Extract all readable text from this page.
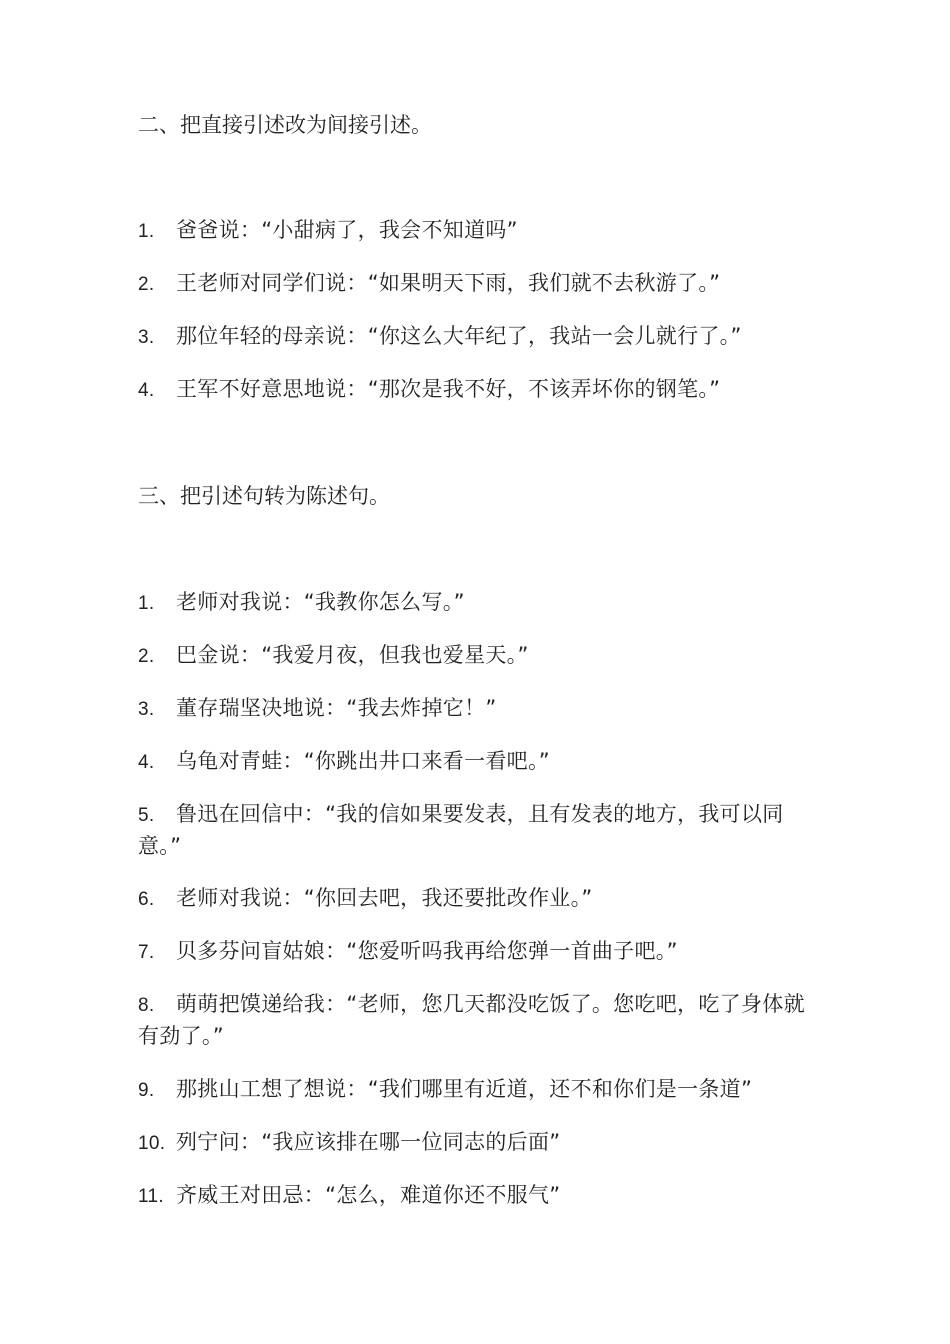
二、把直接引述改为间接引述。
1. 爸爸说：“小甜病了，我会不知道吗”
2. 王老师对同学们说：“如果明天下雨，我们就不去秋游了。”
3. 那位年轻的母亲说：“你这么大年纪了，我站一会儿就行了。”
4. 王军不好意思地说：“那次是我不好，不该弄坏你的钢笔。”
三、把引述句转为陈述句。
1. 老师对我说：“我教你怎么写。”
2. 巴金说：“我爱月夜，但我也爱星天。”
3. 董存瑞坚决地说：“我去炸掉它！”
4. 乌龟对青蛙：“你跳出井口来看一看吧。”
5. 鲁迅在回信中：“我的信如果要发表，且有发表的地方，我可以同意。”
6. 老师对我说：“你回去吧，我还要批改作业。”
7. 贝多芬问盲姑娘：“您爱听吗我再给您弹一首曲子吧。”
8. 萌萌把馍递给我：“老师，您几天都没吃饭了。您吃吧，吃了身体就有劲了。”
9. 那挑山工想了想说：“我们哪里有近道，还不和你们是一条道”
10. 列宁问：“我应该排在哪一位同志的后面”
11. 齐威王对田忌：“怎么，难道你还不服气”
